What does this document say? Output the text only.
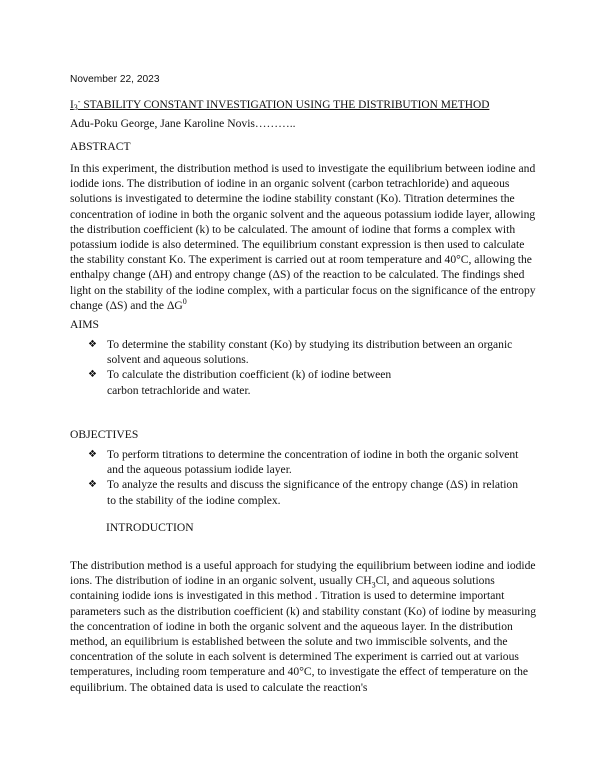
November 22, 2023
$I_3^-$ STABILITY CONSTANT INVESTIGATION USING THE DISTRIBUTION METHOD
Adu-Poku George, Jane Karoline Novis………..
ABSTRACT

In this experiment, the distribution method is used to investigate the equilibrium between iodine and iodide ions. The distribution of iodine in an organic solvent (carbon tetrachloride) and aqueous solutions is investigated to determine the iodine stability constant (Ko). Titration determines the concentration of iodine in both the organic solvent and the aqueous potassium iodide layer, allowing the distribution coefficient (k) to be calculated. The amount of iodine that forms a complex with potassium iodide is also determined. The equilibrium constant expression is then used to calculate the stability constant Ko. The experiment is carried out at room temperature and 40°C, allowing the enthalpy change (ΔH) and entropy change (ΔS) of the reaction to be calculated. The findings shed light on the stability of the iodine complex, with a particular focus on the significance of the entropy change (ΔS) and the $\Delta G^0$

AIMS
❖ To determine the stability constant (Ko) by studying its distribution between an organic solvent and aqueous solutions.
❖ To calculate the distribution coefficient (k) of iodine between carbon tetrachloride and water.
OBJECTIVES
❖ To perform titrations to determine the concentration of iodine in both the organic solvent and the aqueous potassium iodide layer.
❖ To analyze the results and discuss the significance of the entropy change (ΔS) in relation to the stability of the iodine complex.
INTRODUCTION

The distribution method is a useful approach for studying the equilibrium between iodine and iodide ions. The distribution of iodine in an organic solvent, usually $CH_3Cl$, and aqueous solutions containing iodide ions is investigated in this method . Titration is used to determine important parameters such as the distribution coefficient (k) and stability constant (Ko) of iodine by measuring the concentration of iodine in both the organic solvent and the aqueous layer. In the distribution method, an equilibrium is established between the solute and two immiscible solvents, and the concentration of the solute in each solvent is determined The experiment is carried out at various temperatures, including room temperature and 40°C, to investigate the effect of temperature on the equilibrium. The obtained data is used to calculate the reaction's
